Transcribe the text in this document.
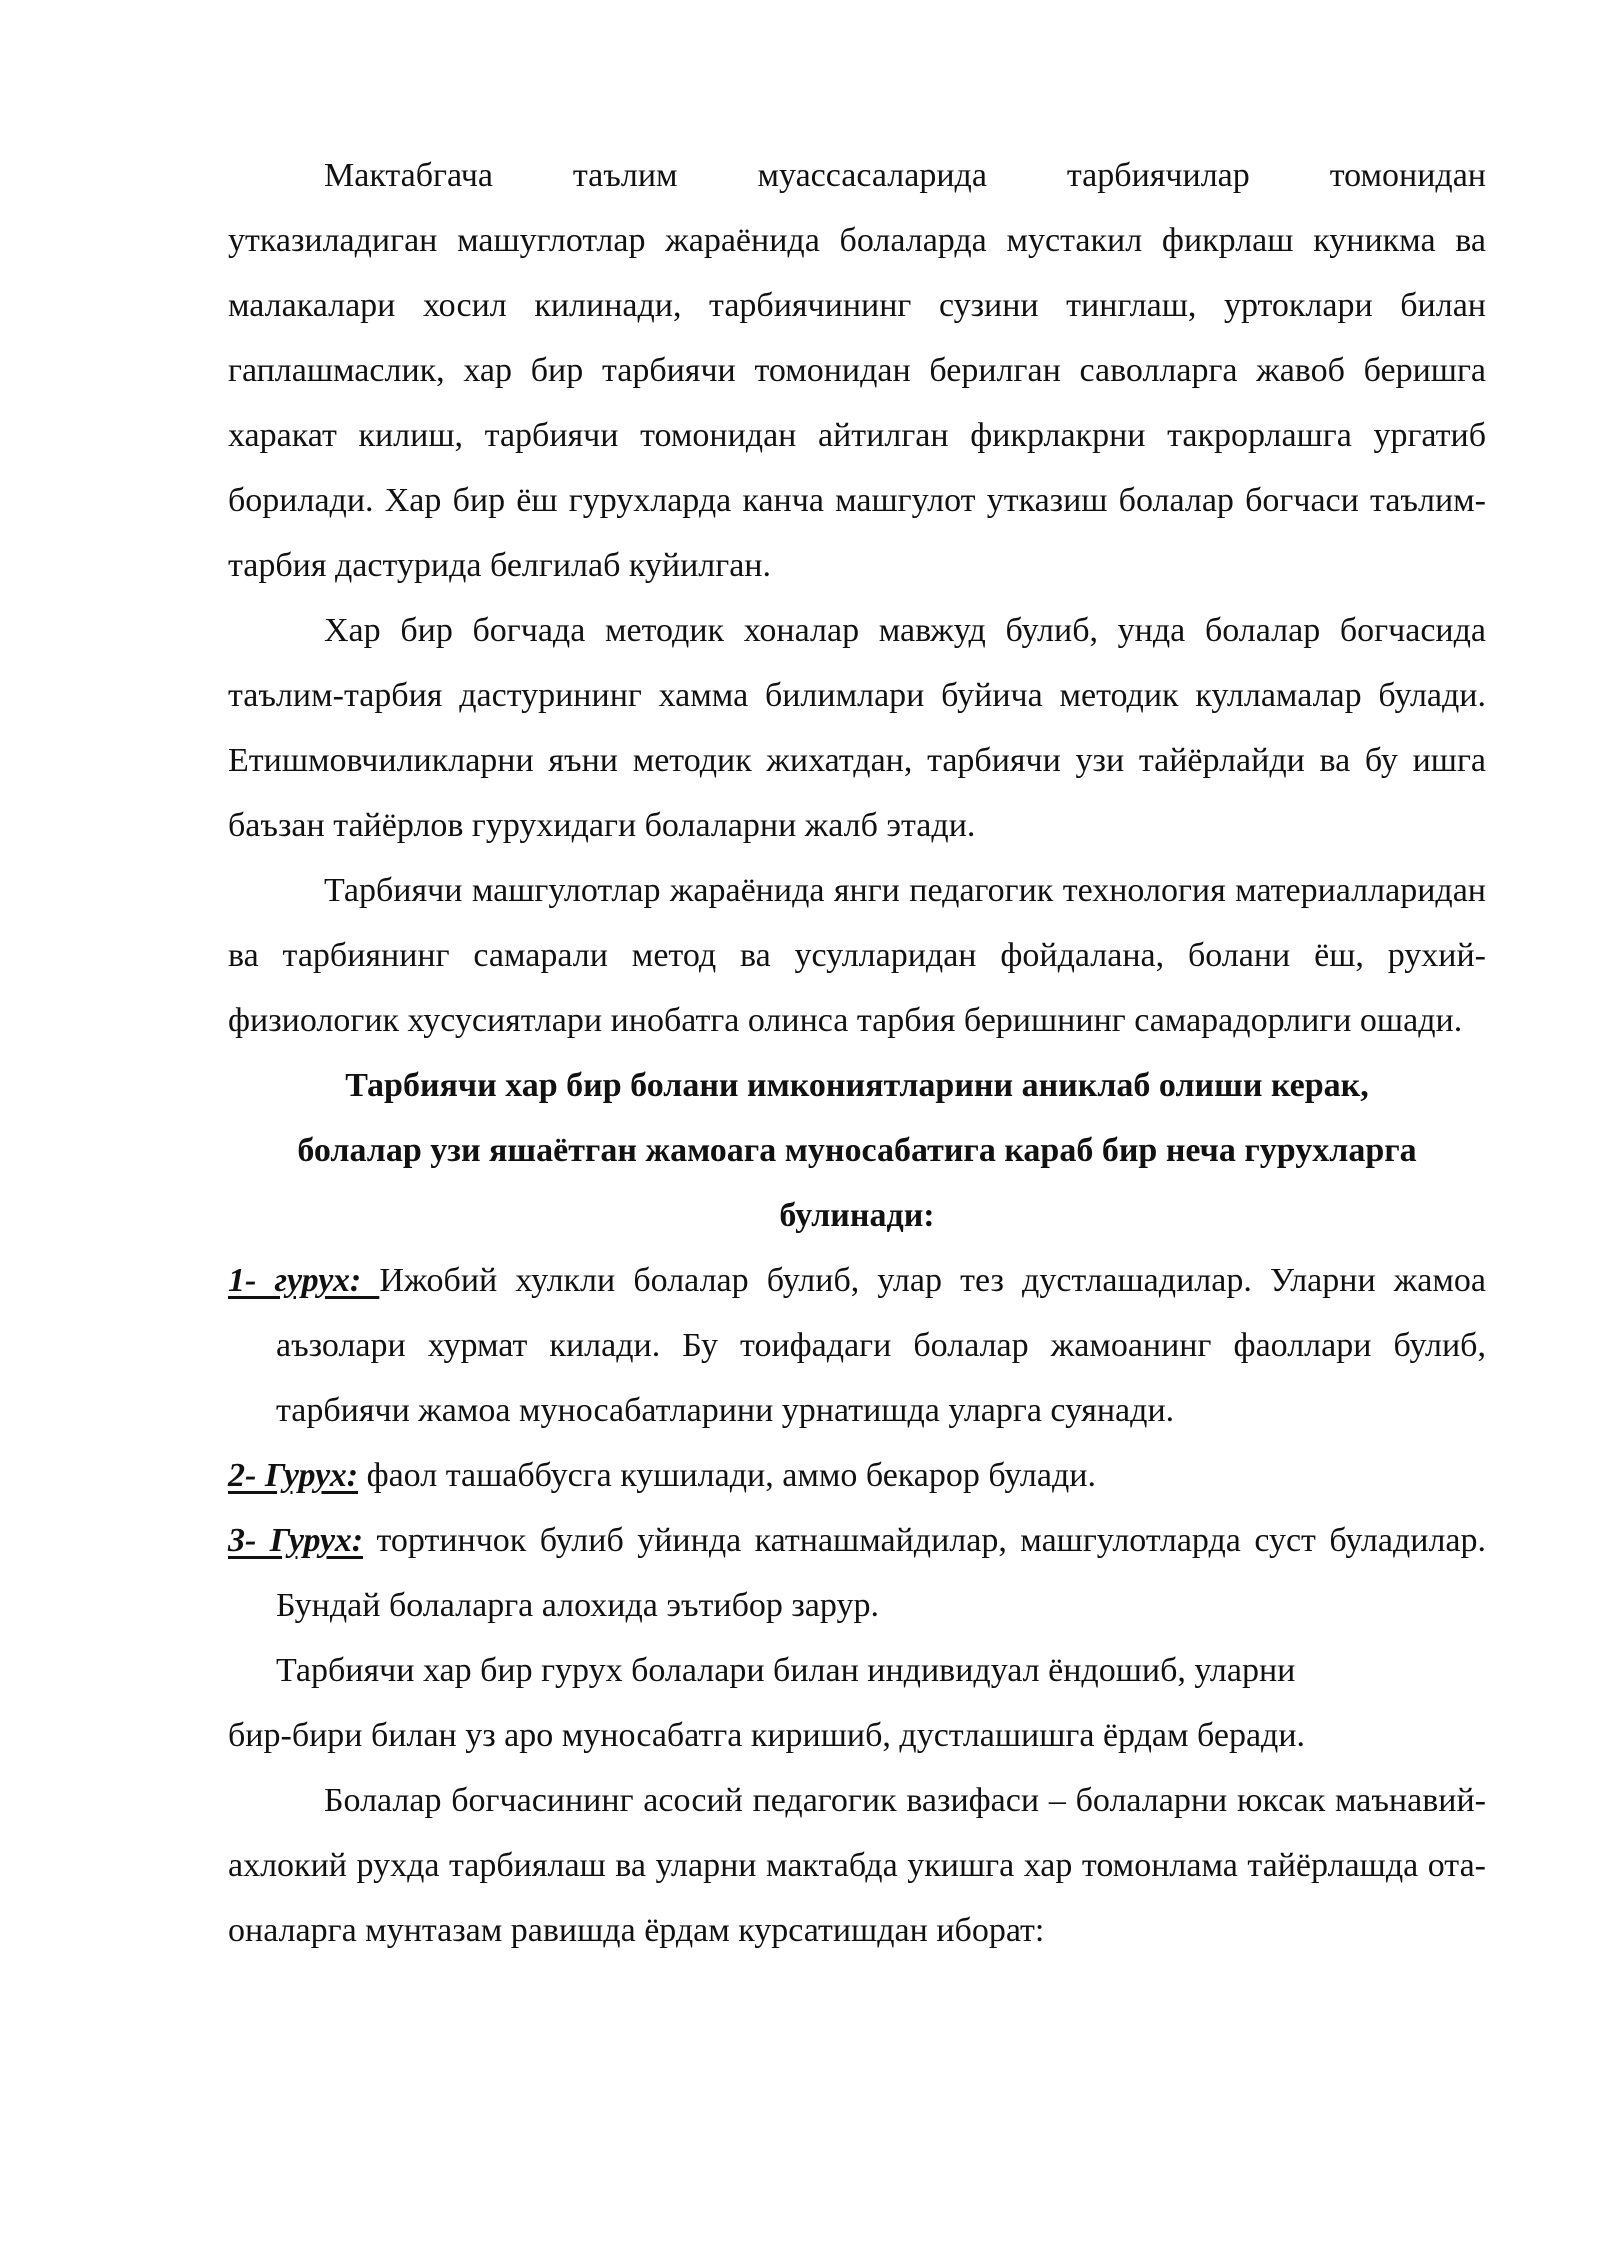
Мактабгача таълим муассасаларида тарбиячилар томонидан

утказиладиган машуглотлар жараёнида болаларда мустакил фикрлаш куникма ва малакалари хосил килинади, тарбиячининг сузини тинглаш, уртоклари билан гаплашмаслик, хар бир тарбиячи томонидан берилган саволларга жавоб беришга харакат килиш, тарбиячи томонидан айтилган фикрлакрни такрорлашга ургатиб борилади. Хар бир ёш гурухларда канча машгулот утказиш болалар богчаси таълим-тарбия дастурида белгилаб куйилган.

Хар бир богчада методик хоналар мавжуд булиб, унда болалар богчасида таълим-тарбия дастурининг хамма билимлари буйича методик кулламалар булади. Етишмовчиликларни яъни методик жихатдан, тарбиячи узи тайёрлайди ва бу ишга баъзан тайёрлов гурухидаги болаларни жалб этади.

Тарбиячи машгулотлар жараёнида янги педагогик технология материалларидан ва тарбиянинг самарали метод ва усулларидан фойдалана, болани ёш, рухий-физиологик хусусиятлари инобатга олинса тарбия беришнинг самарадорлиги ошади.

Тарбиячи хар бир болани имкониятларини аниклаб олиши керак,
болалар узи яшаётган жамоага муносабатига караб бир неча гурухларга
булинади:

1- гурух: Ижобий хулкли болалар булиб, улар тез дустлашадилар. Уларни жамоа аъзолари хурмат килади. Бу тоифадаги болалар жамоанинг фаоллари булиб, тарбиячи жамоа муносабатларини урнатишда уларга суянади.

2- Гурух: фаол ташаббусга кушилади, аммо бекарор булади.

3- Гурух: тортинчок булиб уйинда катнашмайдилар, машгулотларда суст буладилар. Бундай болаларга алохида эътибор зарур.

Тарбиячи хар бир гурух болалари билан индивидуал ёндошиб, уларни

бир-бири билан уз аро муносабатга киришиб, дустлашишга ёрдам беради.

Болалар богчасининг асосий педагогик вазифаси – болаларни юксак маънавий-ахлокий рухда тарбиялаш ва уларни мактабда укишга хар томонлама тайёрлашда ота-оналарга мунтазам равишда ёрдам курсатишдан иборат:
